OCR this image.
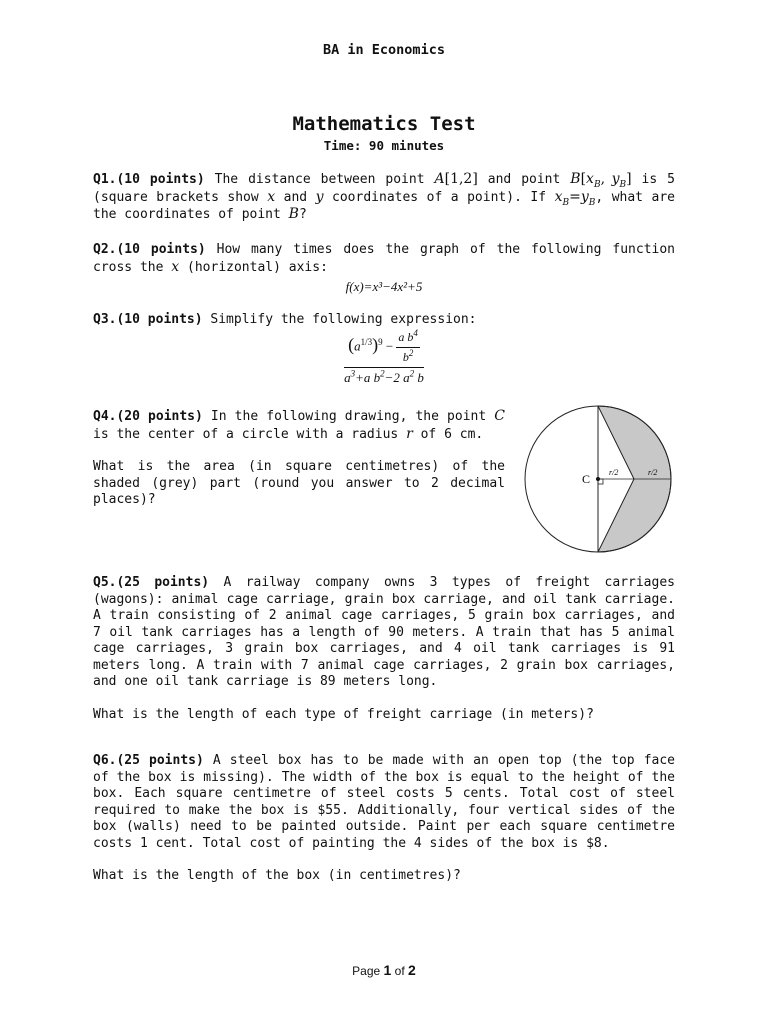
BA in Economics
Mathematics Test
Time: 90 minutes
Q1.(10 points) The distance between point A[1,2] and point $B[x_B$, $y_B$] is 5 (square brackets show x and y coordinates of a point). If $x_B=y_B$, what are the coordinates of point B?
Q2.(10 points) How many times does the graph of the following function cross the x (horizontal) axis:
f(x)=x³−4x²+5
Q3.(10 points) Simplify the following expression:
$\frac{(a^{1/3})^9 - \frac{a b^4}{b^2}}{a^3+a b^2-2 a^2 b}$

Q4.(20 points) In the following drawing, the point C is the center of a circle with a radius r of 6 cm.

What is the area (in square centimetres) of the shaded (grey) part (round you answer to 2 decimal places)?

C r/2	r/2

Q5.(25 points) A railway company owns 3 types of freight carriages (wagons): animal cage carriage, grain box carriage, and oil tank carriage. A train consisting of 2 animal cage carriages, 5 grain box carriages, and 7 oil tank carriages has a length of 90 meters. A train that has 5 animal cage carriages, 3 grain box carriages, and 4 oil tank carriages is 91 meters long. A train with 7 animal cage carriages, 2 grain box carriages, and one oil tank carriage is 89 meters long.

What is the length of each type of freight carriage (in meters)?

Q6.(25 points) A steel box has to be made with an open top (the top face of the box is missing). The width of the box is equal to the height of the box. Each square centimetre of steel costs 5 cents. Total cost of steel required to make the box is $55. Additionally, four vertical sides of the box (walls) need to be painted outside. Paint per each square centimetre costs 1 cent. Total cost of painting the 4 sides of the box is $8.

What is the length of the box (in centimetres)?

Page 1 of 2
